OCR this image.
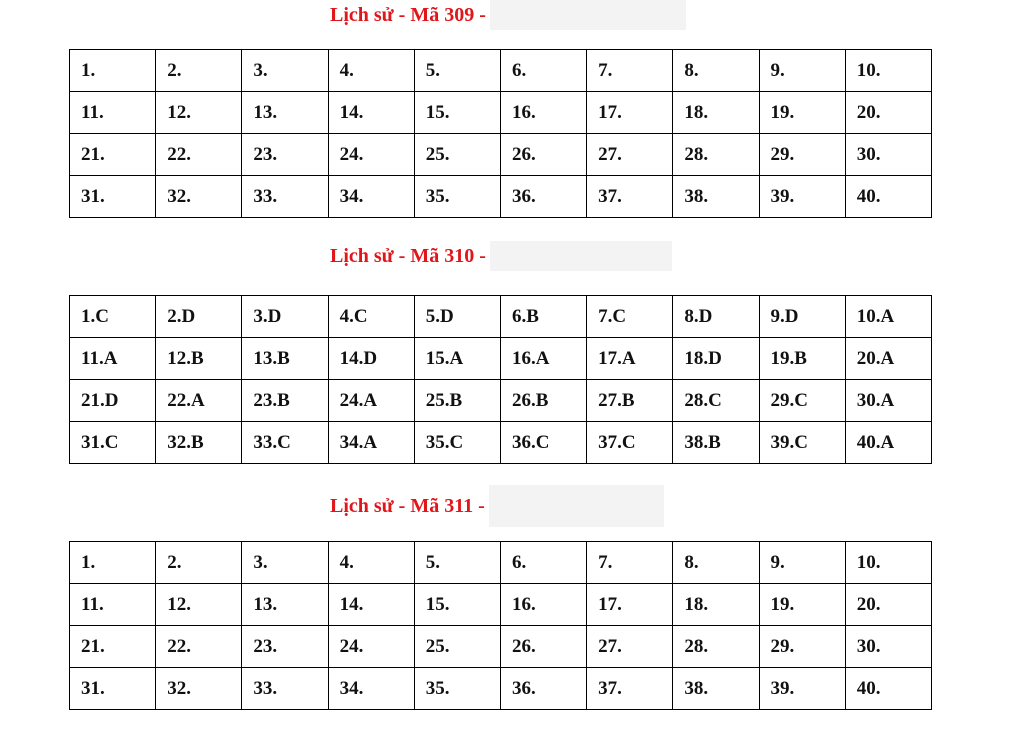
Lịch sử - Mã 309 -
1.	2.	3.	4.	5.	6.	7.	8.	9.	10.
11.	12.	13.	14.	15.	16.	17.	18.	19.	20.
21.	22.	23.	24.	25.	26.	27.	28.	29.	30.
31.	32.	33.	34.	35.	36.	37.	38.	39.	40.
Lịch sử - Mã 310 -
1.C	2.D	3.D	4.C	5.D	6.B	7.C	8.D	9.D	10.A
11.A	12.B	13.B	14.D	15.A	16.A	17.A	18.D	19.B	20.A
21.D	22.A	23.B	24.A	25.B	26.B	27.B	28.C	29.C	30.A
31.C	32.B	33.C	34.A	35.C	36.C	37.C	38.B	39.C	40.A
Lịch sử - Mã 311 -
1.	2.	3.	4.	5.	6.	7.	8.	9.	10.
11.	12.	13.	14.	15.	16.	17.	18.	19.	20.
21.	22.	23.	24.	25.	26.	27.	28.	29.	30.
31.	32.	33.	34.	35.	36.	37.	38.	39.	40.
